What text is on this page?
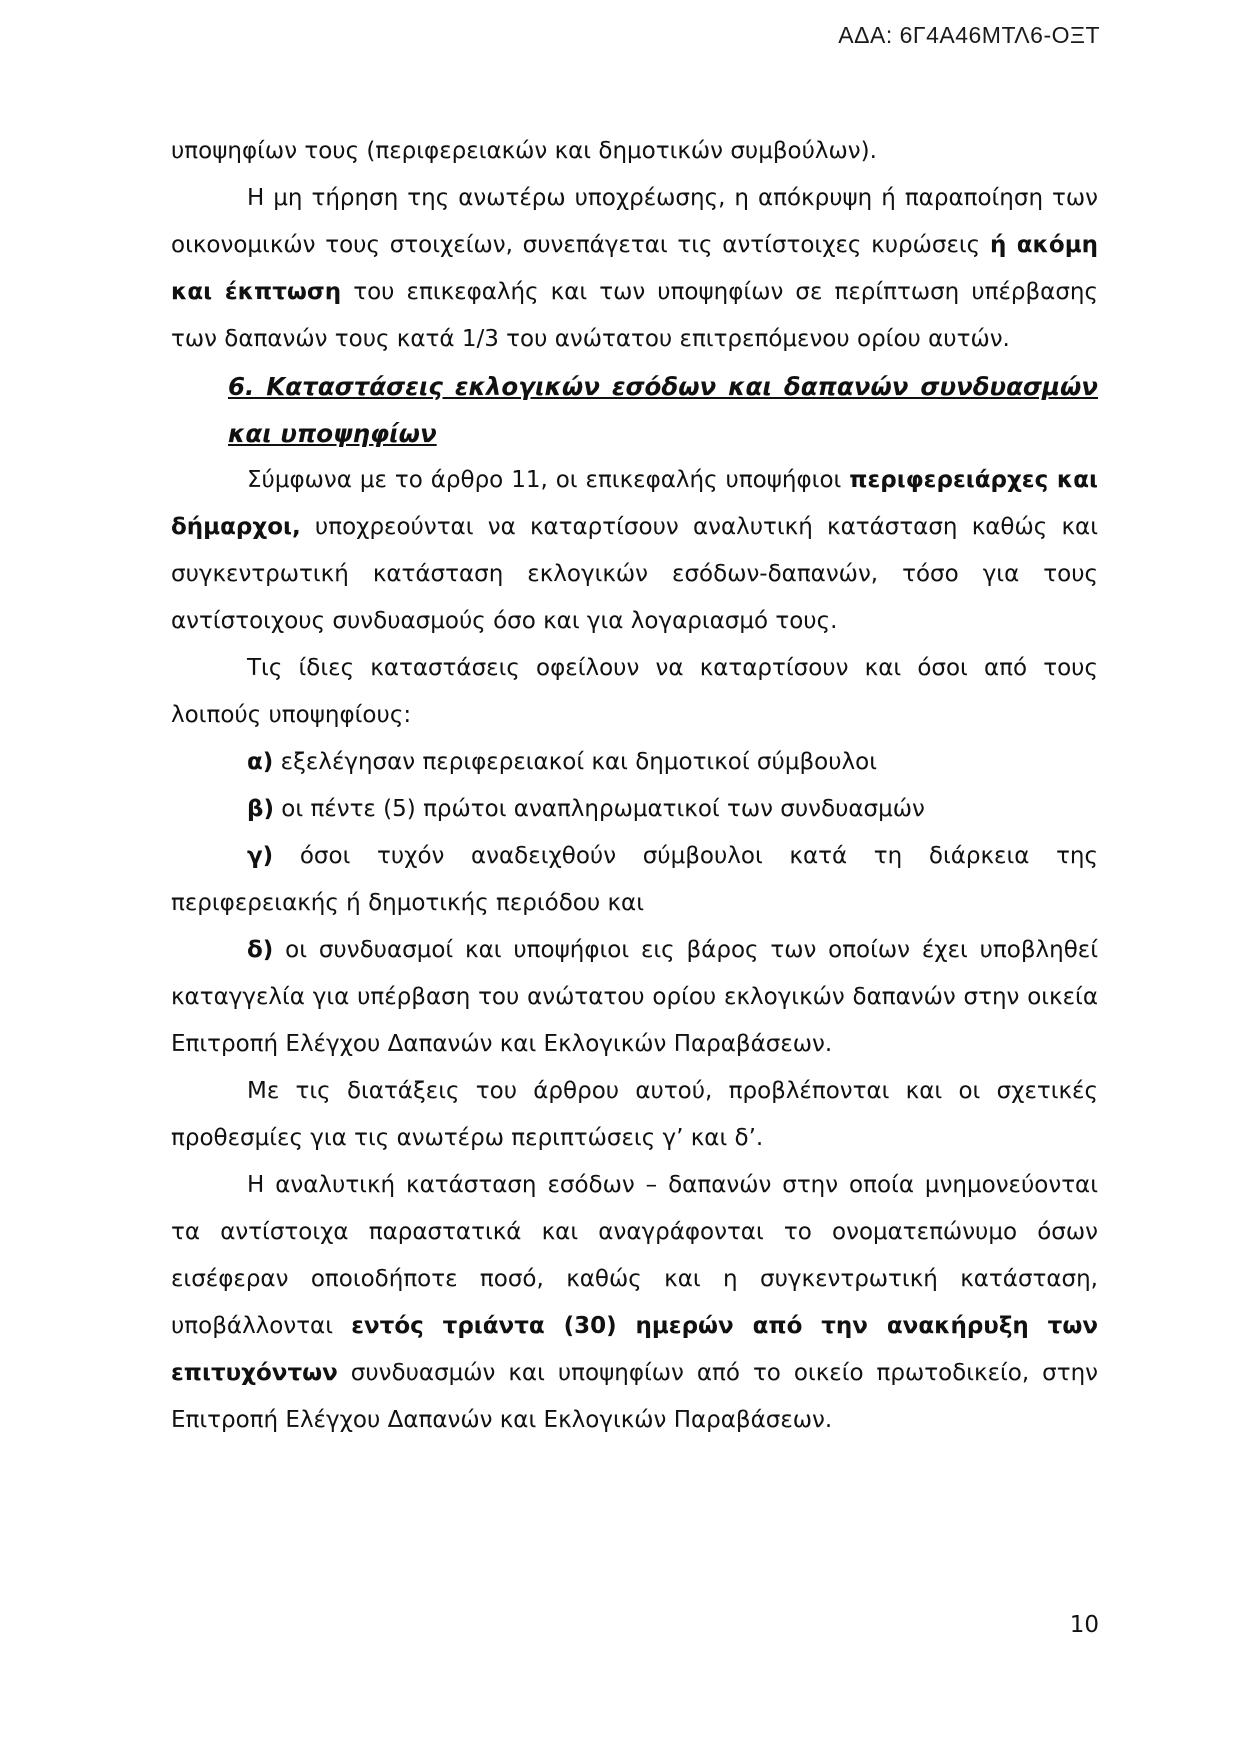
ΑΔΑ: 6Γ4Α46ΜΤΛ6-ΟΞΤ

υποψηφίων τους (περιφερειακών και δημοτικών συμβούλων).

Η μη τήρηση της ανωτέρω υποχρέωσης, η απόκρυψη ή παραποίηση των οικονομικών τους στοιχείων, συνεπάγεται τις αντίστοιχες κυρώσεις ή ακόμη και έκπτωση του επικεφαλής και των υποψηφίων σε περίπτωση υπέρβασης των δαπανών τους κατά 1/3 του ανώτατου επιτρεπόμενου ορίου αυτών.

6. Καταστάσεις εκλογικών εσόδων και δαπανών συνδυασμών και υποψηφίων

Σύμφωνα με το άρθρο 11, οι επικεφαλής υποψήφιοι περιφερειάρχες και δήμαρχοι, υποχρεούνται να καταρτίσουν αναλυτική κατάσταση καθώς και συγκεντρωτική κατάσταση εκλογικών εσόδων-δαπανών, τόσο για τους αντίστοιχους συνδυασμούς όσο και για λογαριασμό τους.

Τις ίδιες καταστάσεις οφείλουν να καταρτίσουν και όσοι από τους λοιπούς υποψηφίους:

α) εξελέγησαν περιφερειακοί και δημοτικοί σύμβουλοι

β) οι πέντε (5) πρώτοι αναπληρωματικοί των συνδυασμών

γ) όσοι τυχόν αναδειχθούν σύμβουλοι κατά τη διάρκεια της περιφερειακής ή δημοτικής περιόδου και

δ) οι συνδυασμοί και υποψήφιοι εις βάρος των οποίων έχει υποβληθεί καταγγελία για υπέρβαση του ανώτατου ορίου εκλογικών δαπανών στην οικεία Επιτροπή Ελέγχου Δαπανών και Εκλογικών Παραβάσεων.

Με τις διατάξεις του άρθρου αυτού, προβλέπονται και οι σχετικές προθεσμίες για τις ανωτέρω περιπτώσεις γ’ και δ’.

Η αναλυτική κατάσταση εσόδων – δαπανών στην οποία μνημονεύονται τα αντίστοιχα παραστατικά και αναγράφονται το ονοματεπώνυμο όσων εισέφεραν οποιοδήποτε ποσό, καθώς και η συγκεντρωτική κατάσταση, υποβάλλονται εντός τριάντα (30) ημερών από την ανακήρυξη των επιτυχόντων συνδυασμών και υποψηφίων από το οικείο πρωτοδικείο, στην Επιτροπή Ελέγχου Δαπανών και Εκλογικών Παραβάσεων.

10
